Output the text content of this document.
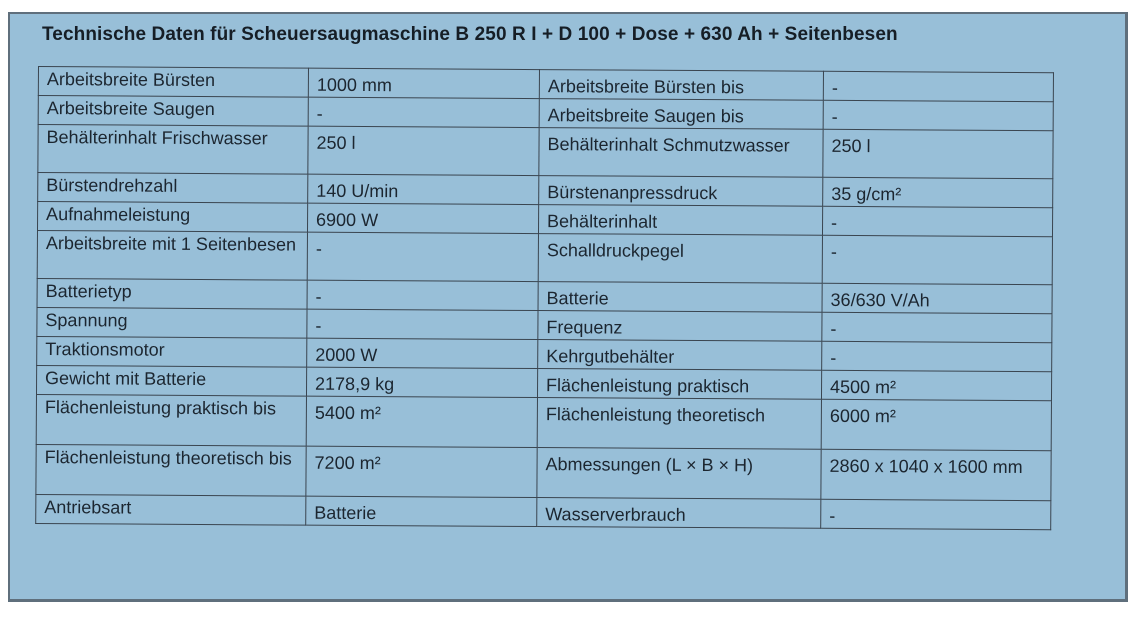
Technische Daten für Scheuersaugmaschine B 250 R I + D 100 + Dose + 630 Ah + Seitenbesen
Arbeitsbreite Bürsten	1000 mm	Arbeitsbreite Bürsten bis	-

Arbeitsbreite Saugen	-	Arbeitsbreite Saugen bis	-

Behälterinhalt Frischwasser	250 l	Behälterinhalt Schmutzwasser	250 l

Bürstendrehzahl	140 U/min	Bürstenanpressdruck	35 g/cm²

Aufnahmeleistung	6900 W	Behälterinhalt	-

Arbeitsbreite mit 1 Seitenbesen	-	Schalldruckpegel	-

Batterietyp	-	Batterie	36/630 V/Ah

Spannung	-	Frequenz	-

Traktionsmotor	2000 W	Kehrgutbehälter	-

Gewicht mit Batterie	2178,9 kg	Flächenleistung praktisch	4500 m²

Flächenleistung praktisch bis	5400 m²	Flächenleistung theoretisch	6000 m²

Flächenleistung theoretisch bis	7200 m²	Abmessungen (L × B × H)	2860 x 1040 x 1600 mm

Antriebsart	Batterie	Wasserverbrauch	-
